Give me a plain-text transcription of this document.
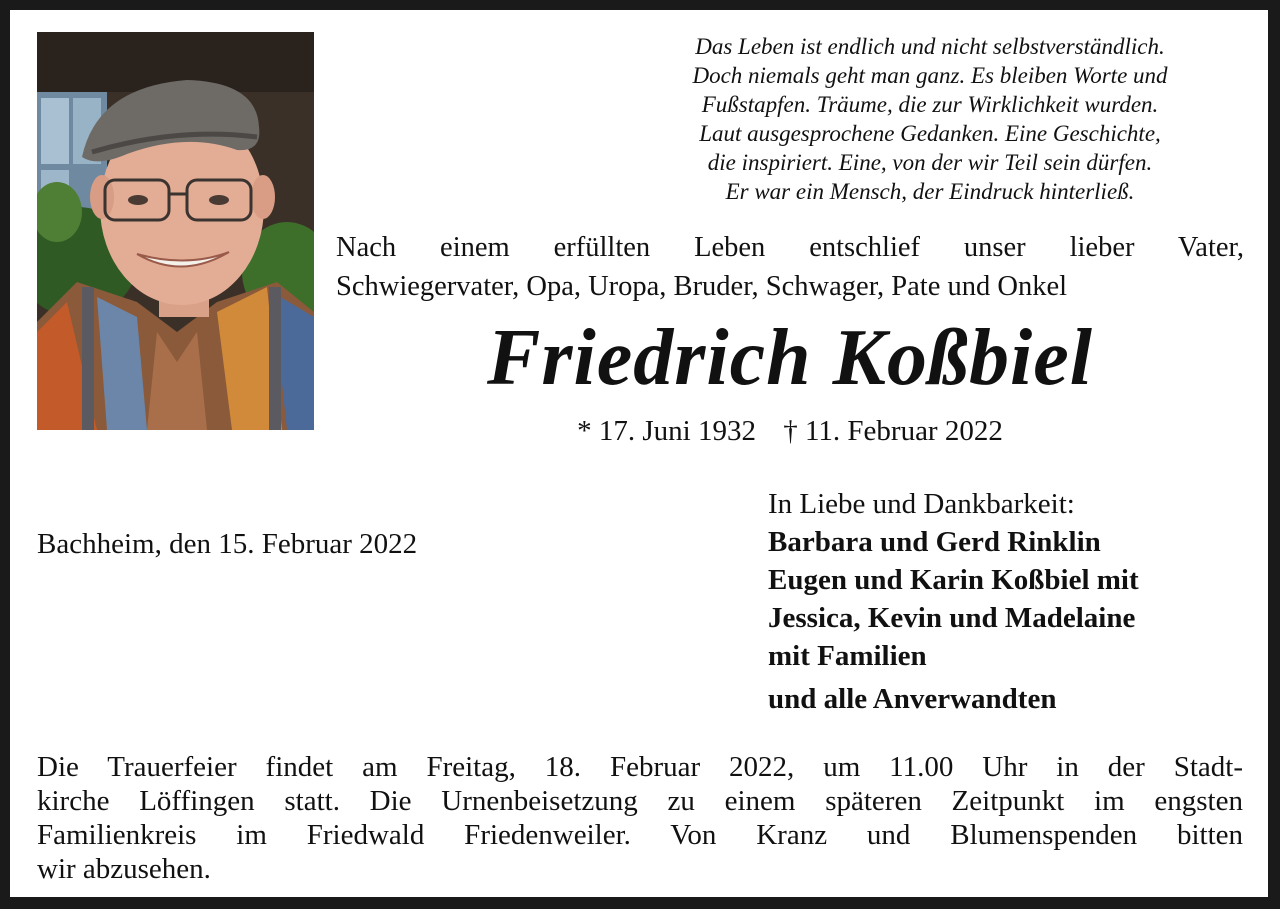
Das Leben ist endlich und nicht selbstverständlich.
Doch niemals geht man ganz. Es bleiben Worte und
Fußstapfen. Träume, die zur Wirklichkeit wurden.
Laut ausgesprochene Gedanken. Eine Geschichte,
die inspiriert. Eine, von der wir Teil sein dürfen.
Er war ein Mensch, der Eindruck hinterließ.
Nach einem erfüllten Leben entschlief unser lieber Vater,
Schwiegervater, Opa, Uropa, Bruder, Schwager, Pate und Onkel
Friedrich Koßbiel
* 17. Juni 1932 † 11. Februar 2022
Bachheim, den 15. Februar 2022
In Liebe und Dankbarkeit:
Barbara und Gerd Rinklin
Eugen und Karin Koßbiel mit
Jessica, Kevin und Madelaine
mit Familien
und alle Anverwandten
Die Trauerfeier findet am Freitag, 18. Februar 2022, um 11.00 Uhr in der Stadt-
kirche Löffingen statt. Die Urnenbeisetzung zu einem späteren Zeitpunkt im engsten
Familienkreis im Friedwald Friedenweiler. Von Kranz und Blumenspenden bitten
wir abzusehen.
